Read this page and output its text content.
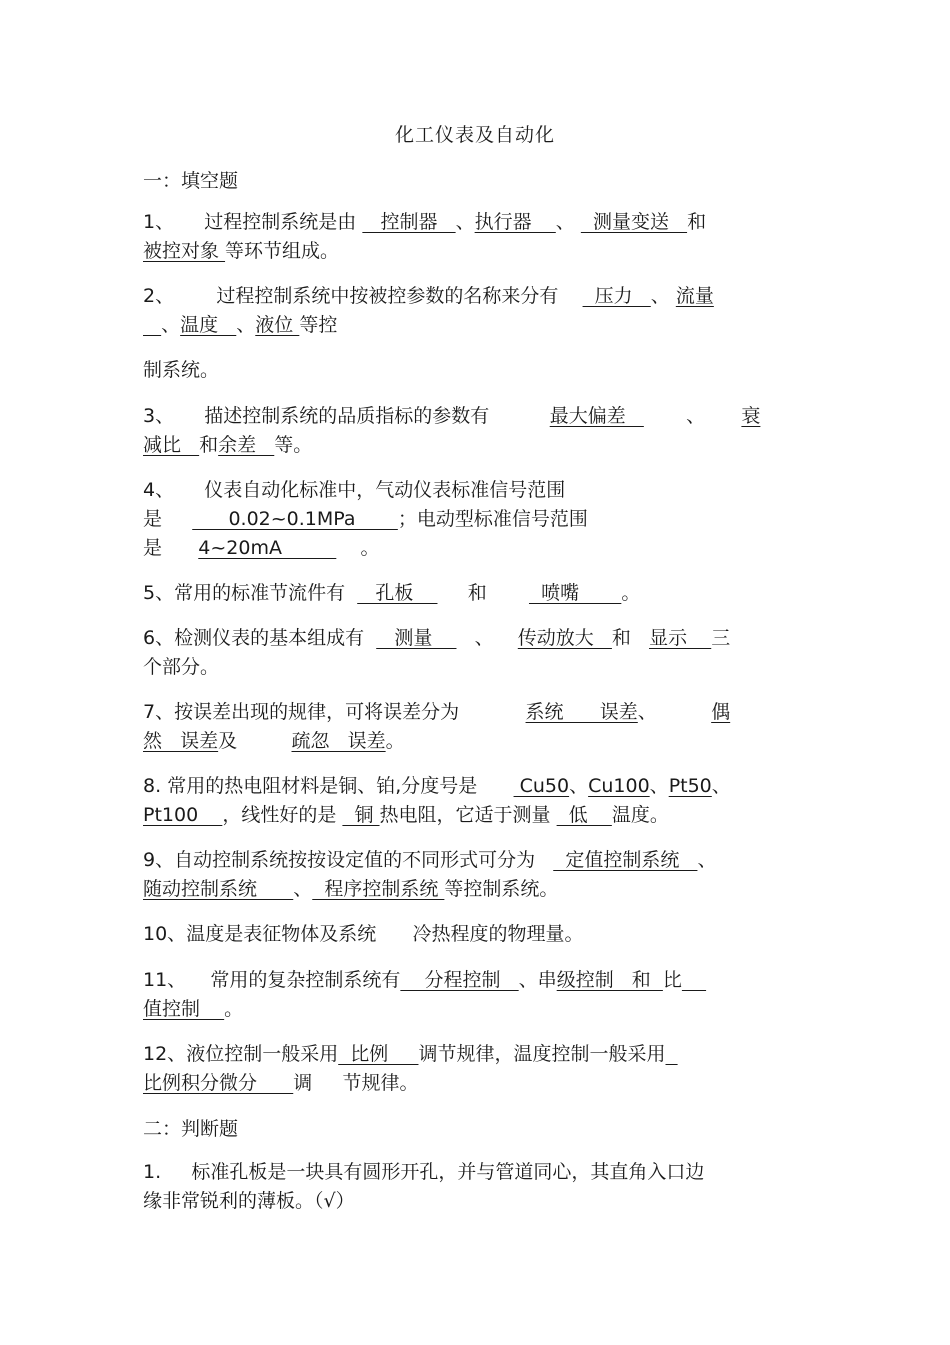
化工仪表及自动化
一：填空题
1、 过程控制系统是由    控制器   、执行器    、   测量变送   和
被控对象 等环节组成。
2、 过程控制系统中按被控参数的名称来分有      压力   、 流量
、温度   、液位 等控
制系统。
3、 描述控制系统的品质指标的参数有	最大偏差          、 衰
减比   和余差   等。
4、 仪表自动化标准中，气动仪表标准信号范围
是           0.02~0.1MPa       ；电动型标准信号范围
是 4~20mA             。
5、常用的标准节流件有     孔板         和         喷嘴       。
6、检测仪表的基本组成有     测量       、 传动放大   和 显示    三
个部分。
7、按误差出现的规律，可将误差分为	系统      误差、	偶
然   误差及	疏忽   误差。
8. 常用的热电阻材料是铜、铂,分度号是       Cu50、Cu100、Pt50、
Pt100    ，线性好的是   铜 热电阻，它适于测量   低    温度。
9、自动控制系统按按设定值的不同形式可分为     定值控制系统   、
随动控制系统      、  程序控制系统 等控制系统。
10、温度是表征物体及系统 冷热程度的物理量。
11、 常用的复杂控制系统有    分程控制   、串级控制   和  比
值控制    。
12、液位控制一般采用  比例     调节规律，温度控制一般采用
比例积分微分      调 节规律。
二：判断题
1. 标准孔板是一块具有圆形开孔，并与管道同心，其直角入口边
缘非常锐利的薄板。（√）
